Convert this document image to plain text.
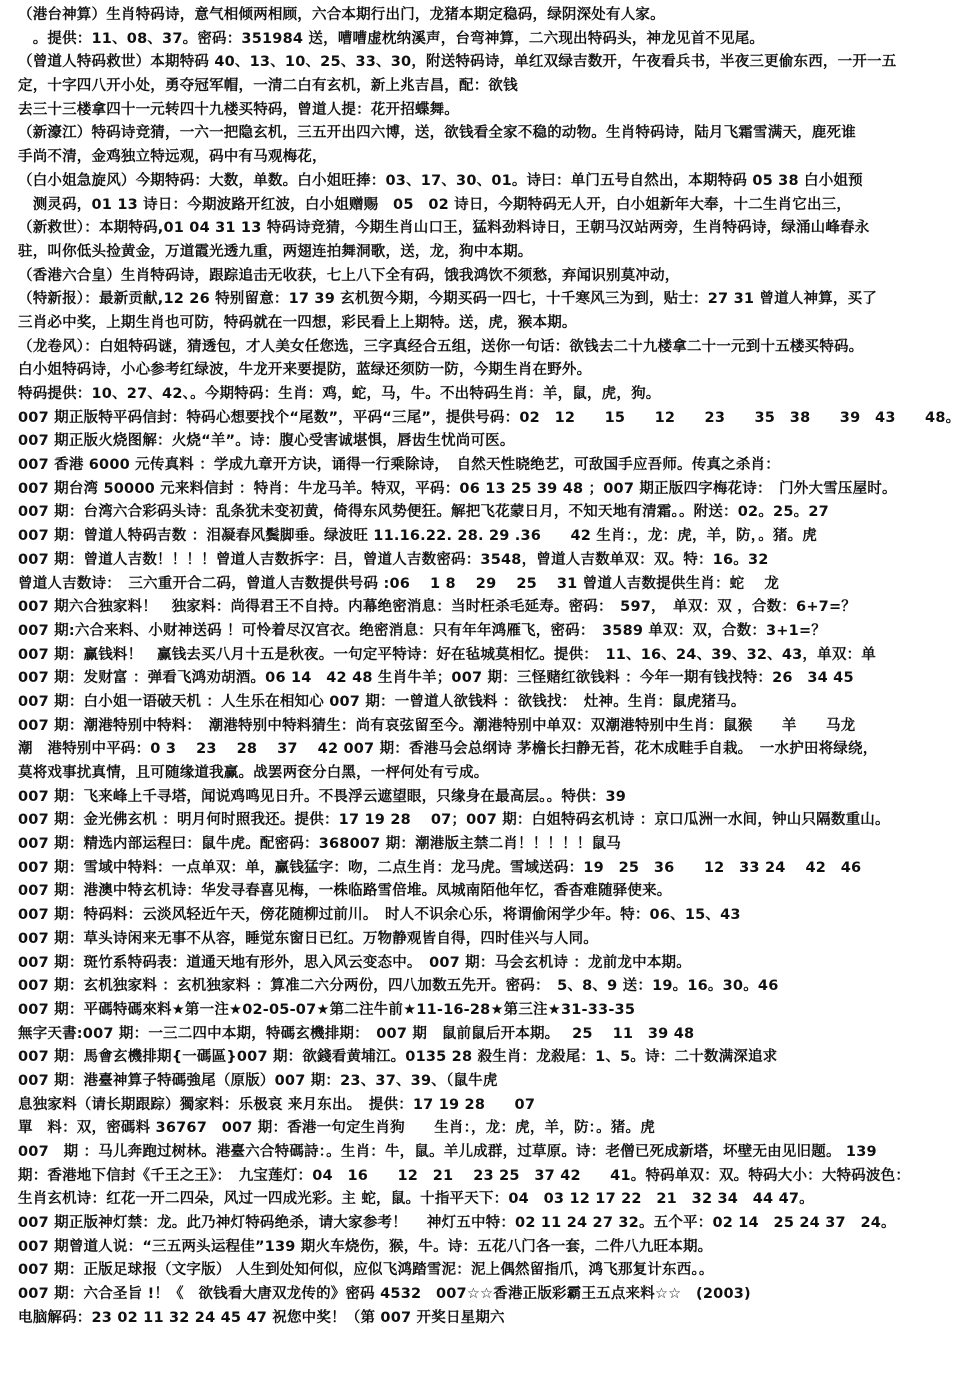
（港台神算）生肖特码诗，意气相倾两相顾，六合本期行出门，龙猪本期定稳码，绿阴深处有人家。
　。提供：11、08、37。密码：351984 送，嘈嘈虚枕纳溪声，台弯神算，二六现出特码头，神龙见首不见尾。
（曾道人特码救世）本期特码 40、13、10、25、33、30，附送特码诗，单红双绿吉数开，午夜看兵书，半夜三更偷东西，一开一五
定，十字四八开小处，勇夺冠军帽，一清二白有玄机，新上兆吉昌，配：欲钱
去三十三楼拿四十一元转四十九楼买特码，曾道人提：花开招蝶舞。
（新濠江）特码诗竞猜，一六一把隐玄机，三五开出四六博，送，欲钱看全家不稳的动物。生肖特码诗，陆月飞霜雪满天，鹿死谁
手尚不清，金鸡独立特远观，码中有马观梅花，
（白小姐急旋风）今期特码：大数，单数。白小姐旺捧：03、17、30、01。诗曰：单门五号自然出，本期特码 05 38 白小姐预
　测灵码，01 13 诗日：今期波路开红波，白小姐赠赐　05　02 诗日，今期特码无人开，白小姐新年大奉，十二生肖它出三，
（新救世）：本期特码,01 04 31 13 特码诗竞猜，今期生肖山口王，猛料劲料诗日，王朝马汉站两旁，生肖特码诗，绿涌山峰春永
驻，叫你低头捡黄金，万道霞光透九重，两翅连拍舞洞歌，送，龙，狗中本期。
（香港六合皇）生肖特码诗，跟踪追击无收获，七上八下全有码，饿我鸿饮不须愁，弃闻识别莫冲动，
（特新报）：最新贡献,12 26 特别留意：17 39 玄机贺今期，今期买码一四七，十千寒风三为到，贴士：27 31 曾道人神算，买了
三肖必中奖，上期生肖也可防，特码就在一四想，彩民看上上期特。送，虎，猴本期。
（龙卷风）：白姐特码谜，猜透包，才人美女任您选，三字真经合五组，送你一句话：欲钱去二十九楼拿二十一元到十五楼买特码。
白小姐特码诗，小心参考红绿波，牛龙开来要提防，蓝绿还须防一防，今期生肖在野外。
特码提供：10、27、42、。今期特码：生肖：鸡，蛇，马，牛。不出特码生肖：羊，鼠，虎，狗。
007 期正版特平码信封：特码心想要找个“尾数”，平码“三尾”，提供号码：02　12　　15　　12　　23　　35　38　　39　43　　48。
007 期正版火烧图解：火烧“羊”。诗：腹心受害诚堪惧，唇齿生忧尚可医。
007 香港 6000 元传真料 ：学成九章开方诀，诵得一行乘除诗，　自然天性晓绝艺，可敌国手应吾师。传真之杀肖：
007 期台湾 50000 元来料信封 ：特肖：牛龙马羊。特双，平码：06 13 25 39 48 ；007 期正版四字梅花诗：　门外大雪压屋时。
007 期：台湾六合彩码头诗：乱条犹未变初黄，倚得东风势便狂。解把飞花蒙日月，不知天地有清霜。。附送：02。25。27
007 期：曾道人特码吉数 ：泪凝春风鬓脚垂。绿波旺 11.16.22. 28. 29 .36　　42 生肖：，龙：虎，羊，防，。猪。虎
007 期：曾道人吉数！！！！曾道人吉数拆字：吕，曾道人吉数密码：3548，曾道人吉数单双：双。特：16。32
曾道人吉数诗：　三六重开合二码，曾道人吉数提供号码 :06　 1 8　 29　 25　 31 曾道人吉数提供生肖：蛇　 龙
007 期六合独家料！　独家料：尚得君王不自持。内幕绝密消息：当时枉杀毛延寿。密码：　597，　单双：双 ，合数：6+7=？
007 期:六合来料、小财神送码 ！可怜着尽汉宫衣。绝密消息：只有年年鸿雁飞，密码：　3589 单双：双，合数：3+1=？
007 期：赢钱料！　赢钱去买八月十五是秋夜。一句定平特诗：好在毡城莫相忆。提供：　11、16、24、39、32、43，单双：单
007 期：发财富 ：弹看飞鸿劝胡酒。06 14　42 48 生肖牛羊；007 期：三怪赌红欲钱料 ：今年一期有钱找特：26　34 45
007 期：白小姐一语破天机 ：人生乐在相知心 007 期：一曾道人欲钱料 ：欲钱找：　灶神。生肖：鼠虎猪马。
007 期：潮港特别中特料：　潮港特别中特料猜生：尚有哀弦留至今。潮港特别中单双：双潮港特别中生肖：鼠猴　　羊　　马龙
潮　港特别中平码：0 3　 23　 28　 37　 42 007 期：香港马会总纲诗 茅檐长扫静无苔，花木成畦手自栽。　一水护田将绿绕，
莫将戏事扰真情，且可随缘道我赢。战罢两奁分白黑，一枰何处有亏成。
007 期：飞来峰上千寻塔，闻说鸡鸣见日升。不畏浮云遮望眼，只缘身在最高层。。特供：39
007 期：金光佛玄机 ：明月何时照我还。提供：17 19 28　 07；007 期：白姐特码玄机诗 ：京口瓜洲一水间，钟山只隔数重山。
007 期：精选内部运程曰：鼠牛虎。配密码：368007 期：潮港版主禁二肖！！！！！鼠马
007 期：雪域中特料：一点单双：单，赢钱猛字：吻，二点生肖：龙马虎。雪域送码：19　25　36　　12　33 24　 42　46
007 期：港澳中特玄机诗：华发寻春喜见梅，一株临路雪倍堆。凤城南陌他年忆，香杳难随驿使来。
007 期：特码料：云淡风轻近午天，傍花随柳过前川。　时人不识余心乐，将谓偷闲学少年。特：06、15、43
007 期：草头诗闲来无事不从容，睡觉东窗日已红。万物静观皆自得，四时佳兴与人同。
007 期：斑竹系特码表：道通天地有形外，思入风云变态中。　007 期：马会玄机诗 ：龙前龙中本期。
007 期：玄机独家料 ：玄机独家料 ：算准二六分两份，四八加数五先开。密码：　5、8、9 送：19。16。30。46
007 期：平碼特碼來料★第一注★02-05-07★第二注牛前★11-16-28★第三注★31-33-35
無字天書:007 期：一三二四中本期，特碼玄機排期：　007 期　鼠前鼠后开本期。　 25　 11　39 48
007 期：馬會玄機排期{一碼區}007 期：欲錢看黄埔江。0135 28 殺生肖：龙殺尾：1、5。诗：二十数满深追求
007 期：港臺神算子特碼強尾（原版）007 期：23、37、39、（鼠牛虎
息独家料（请长期跟踪）獨家料：乐极哀 来月东出。　提供：17 19 28　　07
單　料：双，密碼料 36767　007 期：香港一句定生肖狗　　生肖：，龙：虎，羊，防：。猪。虎
007　期 ：马儿奔跑过树林。港臺六合特碼詩：。生肖：牛，鼠。羊儿成群，过草原。诗：老僧已死成新塔，坏壁无由见旧题。 139
期：香港地下信封《千王之王》：　九宝莲灯：04　16　　12　21　 23 25　37 42　　41。特码单双：双。特码大小：大特码波色：
生肖玄机诗：红花一开二四朵，风过一四成光彩。主 蛇，鼠。十指平天下：04　03 12 17 22　21　32 34　44 47。
007 期正版神灯禁：龙。此乃神灯特码绝杀，请大家参考！　 神灯五中特：02 11 24 27 32。五个平：02 14　25 24 37　24。
007 期曾道人说：“三五两头运程佳”139 期火车烧伤，猴，牛。诗：五花八门各一套，二件八九旺本期。
007 期：正版足球报（文字版） 人生到处知何似，应似飞鸿踏雪泥：泥上偶然留指爪，鸿飞那复计东西。。
007 期：六合圣旨 !！《　欲钱看大唐双龙传的》密码 4532　007☆☆香港正版彩霸王五点来料☆☆　(2003)
电脑解码：23 02 11 32 24 45 47 祝您中奖！（第 007 开奖日星期六
